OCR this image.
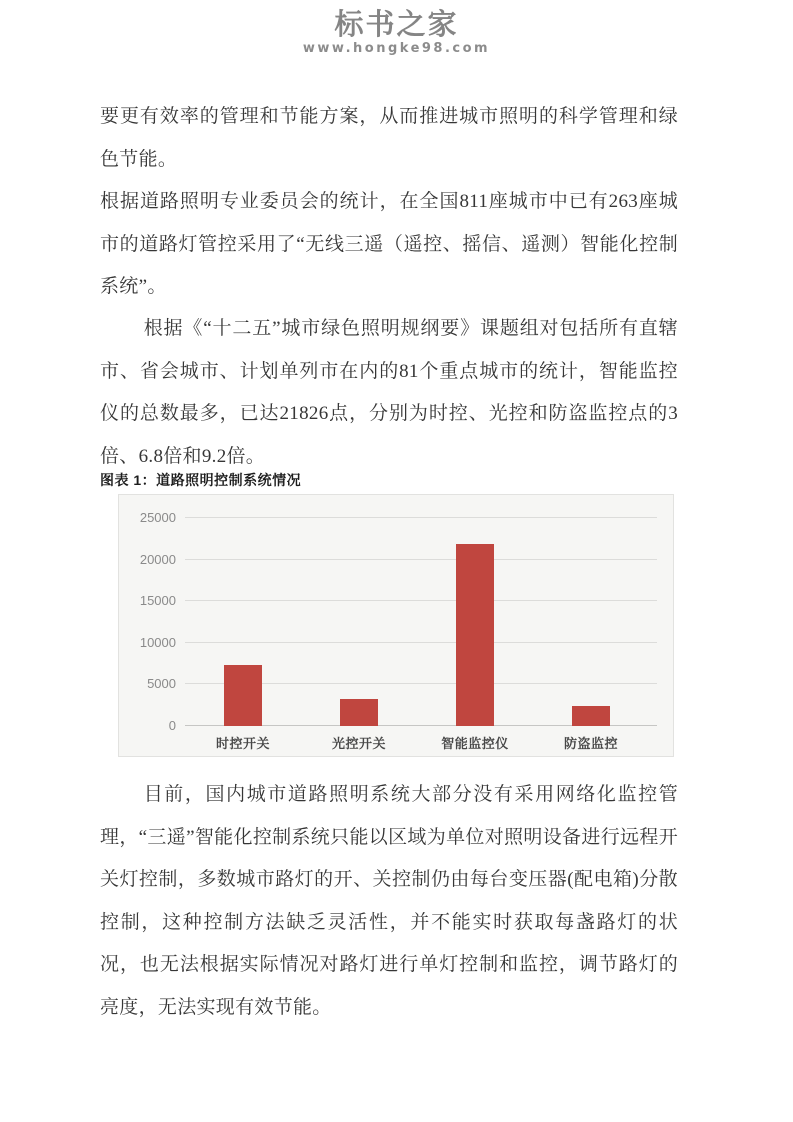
标书之家
www.hongke98.com

要更有效率的管理和节能方案，从而推进城市照明的科学管理和绿色节能。

根据道路照明专业委员会的统计，在全国811座城市中已有263座城市的道路灯管控采用了“无线三遥（遥控、摇信、遥测）智能化控制系统”。

根据《“十二五”城市绿色照明规纲要》课题组对包括所有直辖市、省会城市、计划单列市在内的81个重点城市的统计，智能监控仪的总数最多，已达21826点，分别为时控、光控和防盗监控点的3倍、6.8倍和9.2倍。

图表 1：道路照明控制系统情况
0
5000
10000
15000
20000
25000
时控开关	光控开关	智能监控仪	防盗监控

目前，国内城市道路照明系统大部分没有采用网络化监控管理，“三遥”智能化控制系统只能以区域为单位对照明设备进行远程开关灯控制，多数城市路灯的开、关控制仍由每台变压器(配电箱)分散控制，这种控制方法缺乏灵活性，并不能实时获取每盏路灯的状况，也无法根据实际情况对路灯进行单灯控制和监控，调节路灯的亮度，无法实现有效节能。
